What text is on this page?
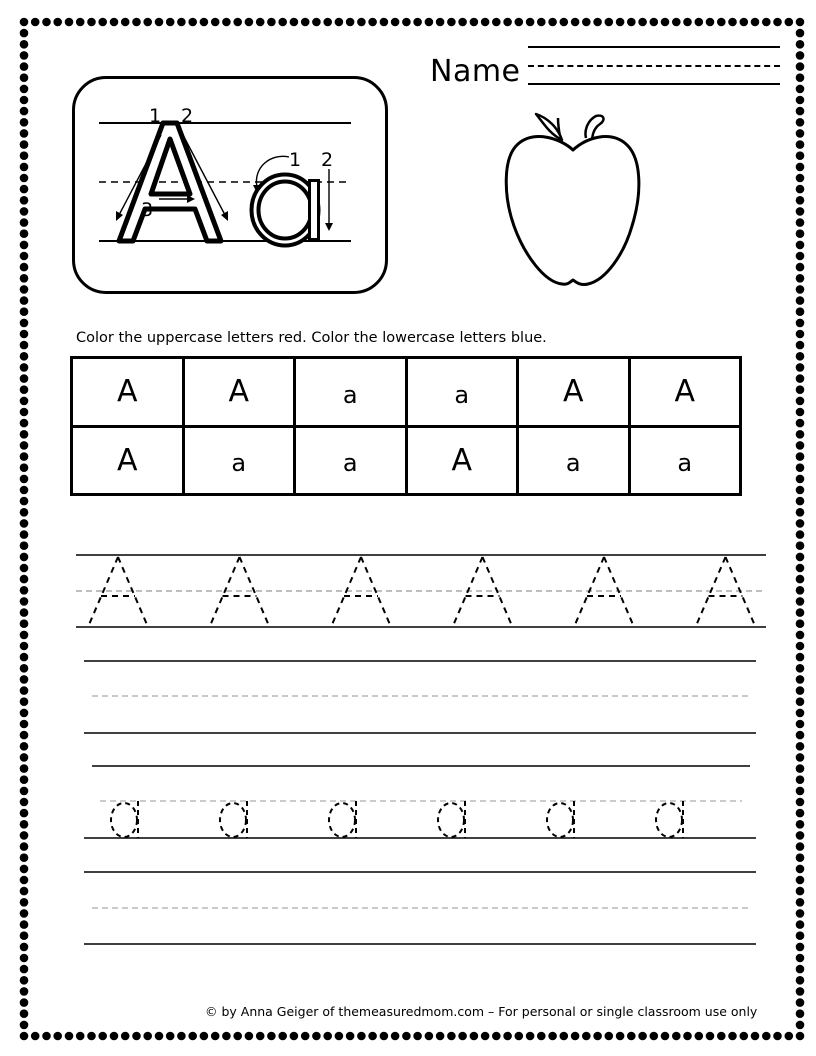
Name
1 2
3
1 2
Color the uppercase letters red. Color the lowercase letters blue.
A	A	a	a	A	A
A	a	a	A	a	a
© by Anna Geiger of themeasuredmom.com – For personal or single classroom use only
